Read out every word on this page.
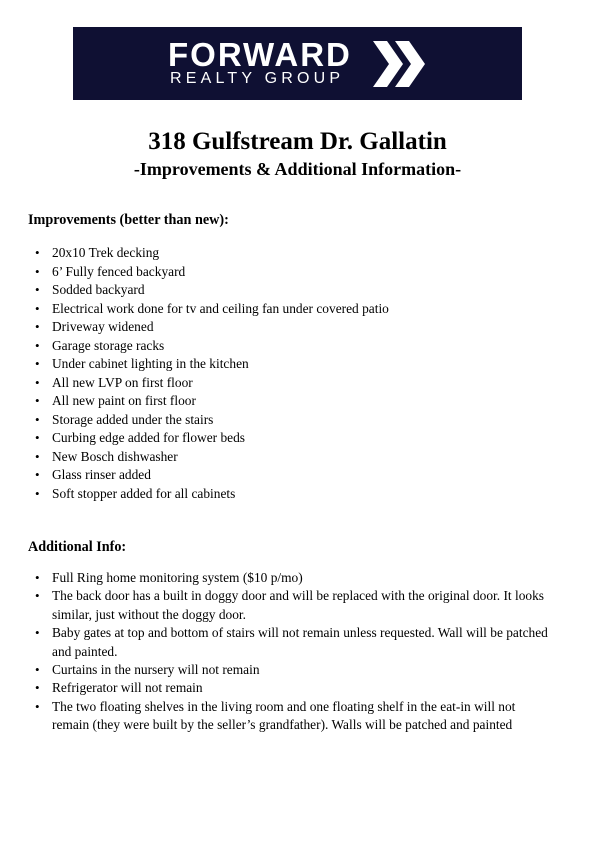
FORWARD
REALTY GROUP
318 Gulfstream Dr. Gallatin
-Improvements & Additional Information-
Improvements (better than new):
• 20x10 Trek decking
• 6’ Fully fenced backyard
• Sodded backyard
• Electrical work done for tv and ceiling fan under covered patio
• Driveway widened
• Garage storage racks
• Under cabinet lighting in the kitchen
• All new LVP on first floor
• All new paint on first floor
• Storage added under the stairs
• Curbing edge added for flower beds
• New Bosch dishwasher
• Glass rinser added
• Soft stopper added for all cabinets
Additional Info:
• Full Ring home monitoring system ($10 p/mo)
• The back door has a built in doggy door and will be replaced with the original door. It looks similar, just without the doggy door.
• Baby gates at top and bottom of stairs will not remain unless requested. Wall will be patched and painted.
• Curtains in the nursery will not remain
• Refrigerator will not remain
• The two floating shelves in the living room and one floating shelf in the eat-in will not remain (they were built by the seller’s grandfather). Walls will be patched and painted
